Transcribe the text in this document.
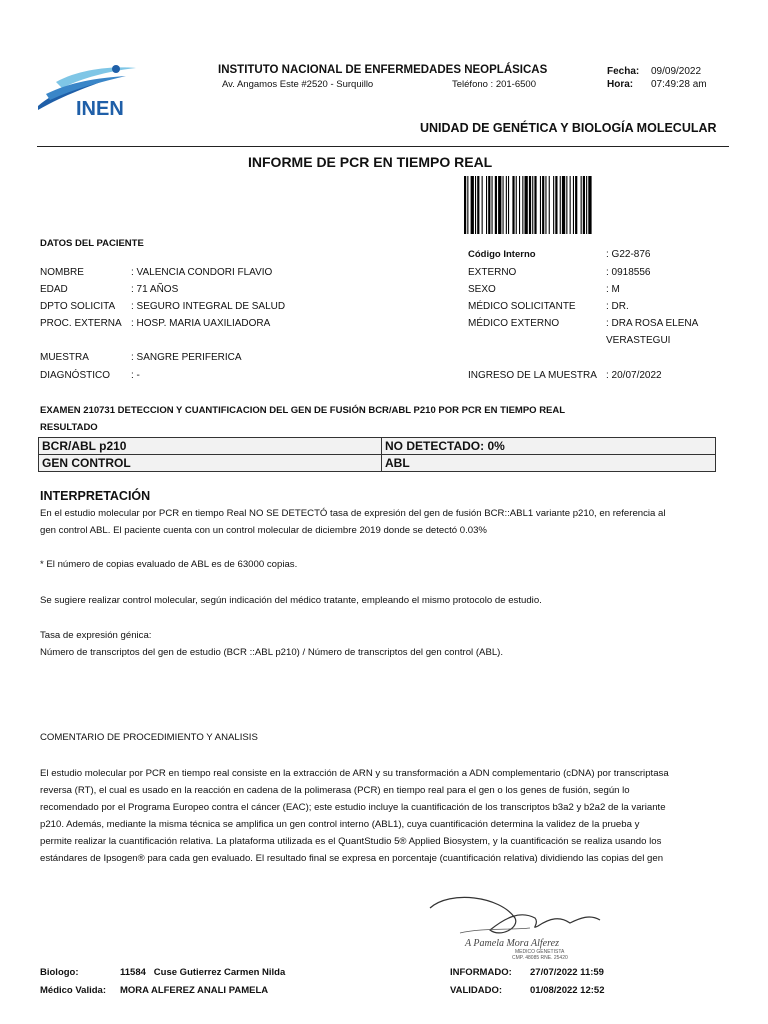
INEN
INSTITUTO NACIONAL DE ENFERMEDADES NEOPLÁSICAS
Av. Angamos Este #2520 - Surquillo	Teléfono : 201-6500
Fecha: 09/09/2022
Hora: 07:49:28 am
UNIDAD DE GENÉTICA Y BIOLOGÍA MOLECULAR
INFORME DE PCR EN TIEMPO REAL
DATOS DEL PACIENTE
NOMBRE	: VALENCIA CONDORI FLAVIO
EDAD	: 71 AÑOS
DPTO SOLICITA : SEGURO INTEGRAL DE SALUD
PROC. EXTERNA : HOSP. MARIA UAXILIADORA
MUESTRA	: SANGRE PERIFERICA
DIAGNÓSTICO : -
Código Interno	: G22-876
EXTERNO	: 0918556
SEXO	: M
MÉDICO SOLICITANTE	: DR.
MÉDICO EXTERNO	: DRA ROSA ELENA
VERASTEGUI
INGRESO DE LA MUESTRA : 20/07/2022
EXAMEN 210731 DETECCION Y CUANTIFICACION DEL GEN DE FUSIÓN BCR/ABL P210 POR PCR EN TIEMPO REAL
RESULTADO
BCR/ABL p210	NO DETECTADO: 0%
GEN CONTROL	ABL
INTERPRETACIÓN
En el estudio molecular por PCR en tiempo Real NO SE DETECTÓ tasa de expresión del gen de fusión BCR::ABL1 variante p210, en referencia al
gen control ABL. El paciente cuenta con un control molecular de diciembre 2019 donde se detectó 0.03%
* El número de copias evaluado de ABL es de 63000 copias.
Se sugiere realizar control molecular, según indicación del médico tratante, empleando el mismo protocolo de estudio.
Tasa de expresión génica:
Número de transcriptos del gen de estudio (BCR ::ABL p210) / Número de transcriptos del gen control (ABL).
COMENTARIO DE PROCEDIMIENTO Y ANALISIS
El estudio molecular por PCR en tiempo real consiste en la extracción de ARN y su transformación a ADN complementario (cDNA) por transcriptasa
reversa (RT), el cual es usado en la reacción en cadena de la polimerasa (PCR) en tiempo real para el gen o los genes de fusión, según lo
recomendado por el Programa Europeo contra el cáncer (EAC); este estudio incluye la cuantificación de los transcriptos b3a2 y b2a2 de la variante
p210. Además, mediante la misma técnica se amplifica un gen control interno (ABL1), cuya cuantificación determina la validez de la prueba y
permite realizar la cuantificación relativa. La plataforma utilizada es el QuantStudio 5® Applied Biosystem, y la cuantificación se realiza usando los
estándares de Ipsogen® para cada gen evaluado. El resultado final se expresa en porcentaje (cuantificación relativa) dividiendo las copias del gen
A Pamela Mora Alferez
MEDICO GENETISTA
CMP. 48085 RNE. 25420
Biologo:	11584   Cuse Gutierrez Carmen Nilda
Médico Valida: MORA ALFEREZ ANALI PAMELA
INFORMADO: 27/07/2022 11:59
VALIDADO:	01/08/2022 12:52
